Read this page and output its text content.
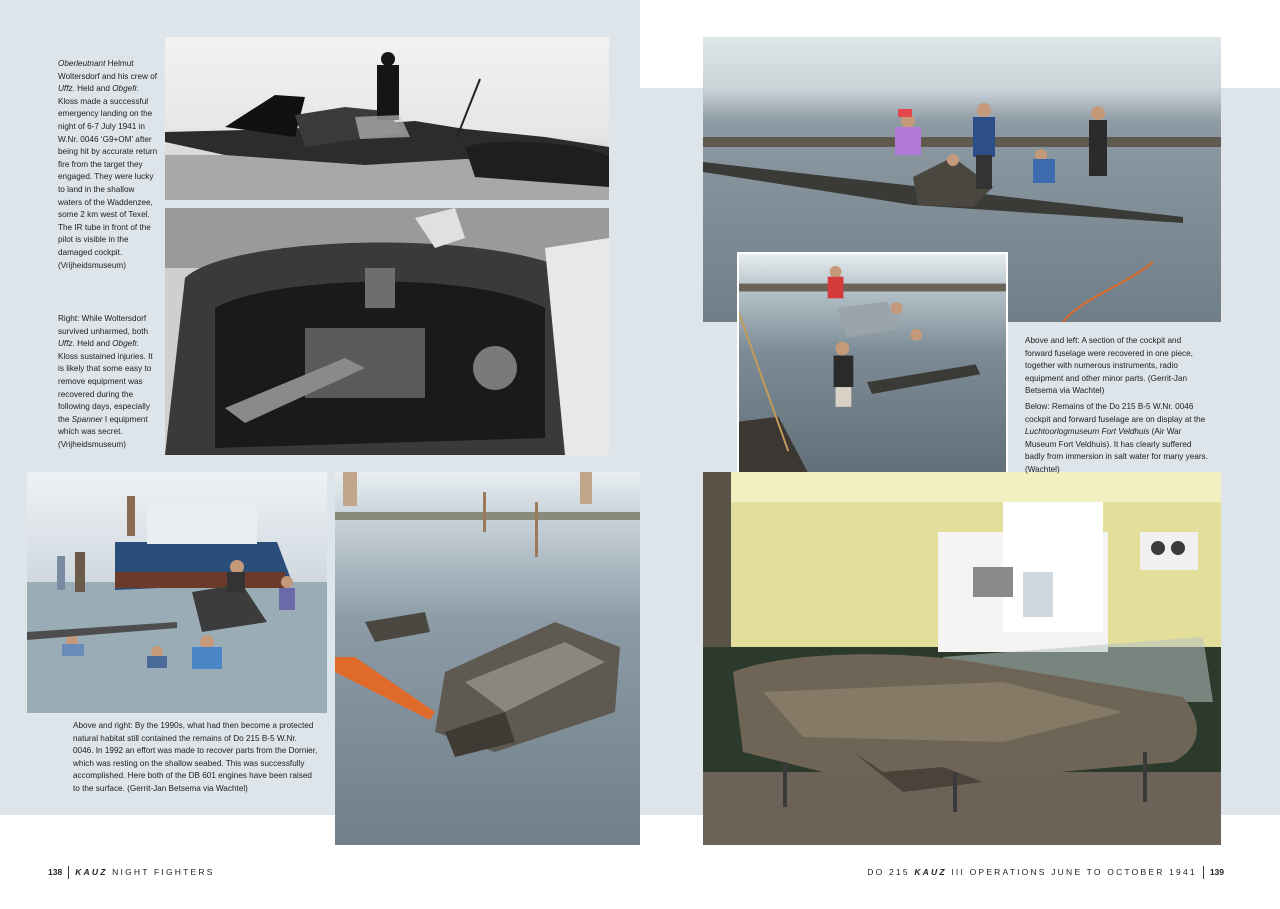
Oberleutnant Helmut Woltersdorf and his crew of Uffz. Held and Obgefr. Kloss made a successful emergency landing on the night of 6-7 July 1941 in W.Nr. 0046 ‘G9+OM’ after being hit by accurate return fire from the target they engaged. They were lucky to land in the shallow waters of the Waddenzee, some 2 km west of Texel. The IR tube in front of the pilot is visible in the damaged cockpit. (Vrijheidsmuseum)

Right: While Woltersdorf survived unharmed, both Uffz. Held and Obgefr. Kloss sustained injuries. It is likely that some easy to remove equipment was recovered during the following days, especially the Spanner I equipment which was secret. (Vrijheidsmuseum)

Above and right: By the 1990s, what had then become a protected natural habitat still contained the remains of Do 215 B-5 W.Nr. 0046. In 1992 an effort was made to recover parts from the Dornier, which was resting on the shallow seabed. This was successfully accomplished. Here both of the DB 601 engines have been raised to the surface. (Gerrit-Jan Betsema via Wachtel)

Above and left: A section of the cockpit and forward fuselage were recovered in one piece, together with numerous instruments, radio equipment and other minor parts. (Gerrit-Jan Betsema via Wachtel)

Below: Remains of the Do 215 B-5 W.Nr. 0046 cockpit and forward fuselage are on display at the Luchtoorlogmuseum Fort Veldhuis (Air War Museum Fort Veldhuis). It has clearly suffered badly from immersion in salt water for many years. (Wachtel)

138 KAUZ NIGHT FIGHTERS	DO 215 KAUZ III OPERATIONS JUNE TO OCTOBER 1941 139
